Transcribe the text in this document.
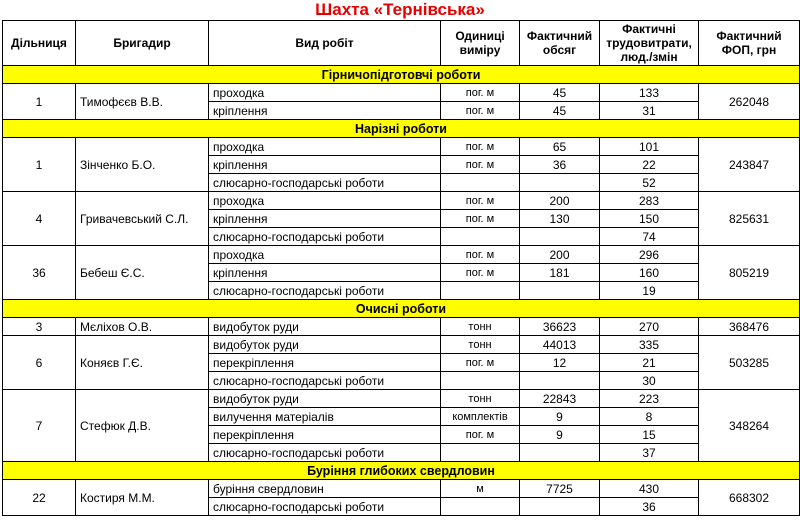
Шахта «Тернівська»
Дільниця	Бригадир	Вид робіт	Одиниці виміру	Фактичний обсяг	Фактичні трудовитрати, люд./змін	Фактичний ФОП, грн
Гірничопідготовчі роботи						
1	Тимофєєв В.В.	проходка	пог. м	45	133	262048
		кріплення	пог. м	45	31	
Нарізні роботи						
1	Зінченко Б.О.	проходка	пог. м	65	101	243847
		кріплення	пог. м	36	22	
		слюсарно-господарські роботи			52	
4	Гривачевський С.Л.	проходка	пог. м	200	283	825631
		кріплення	пог. м	130	150	
		слюсарно-господарські роботи			74	
36	Бебеш Є.С.	проходка	пог. м	200	296	805219
		кріплення	пог. м	181	160	
		слюсарно-господарські роботи			19	
Очисні роботи						
3	Мєліхов О.В.	видобуток руди	тонн	36623	270	368476
6	Коняєв Г.Є.	видобуток руди	тонн	44013	335	503285
		перекріплення	пог. м	12	21	
		слюсарно-господарські роботи			30	
7	Стефюк Д.В.	видобуток руди	тонн	22843	223	348264
		вилучення матеріалів	комплектів	9	8	
		перекріплення	пог. м	9	15	
		слюсарно-господарські роботи			37	
Буріння глибоких свердловин						
22	Костиря М.М.	буріння свердловин	м	7725	430	668302
		слюсарно-господарські роботи			36	
